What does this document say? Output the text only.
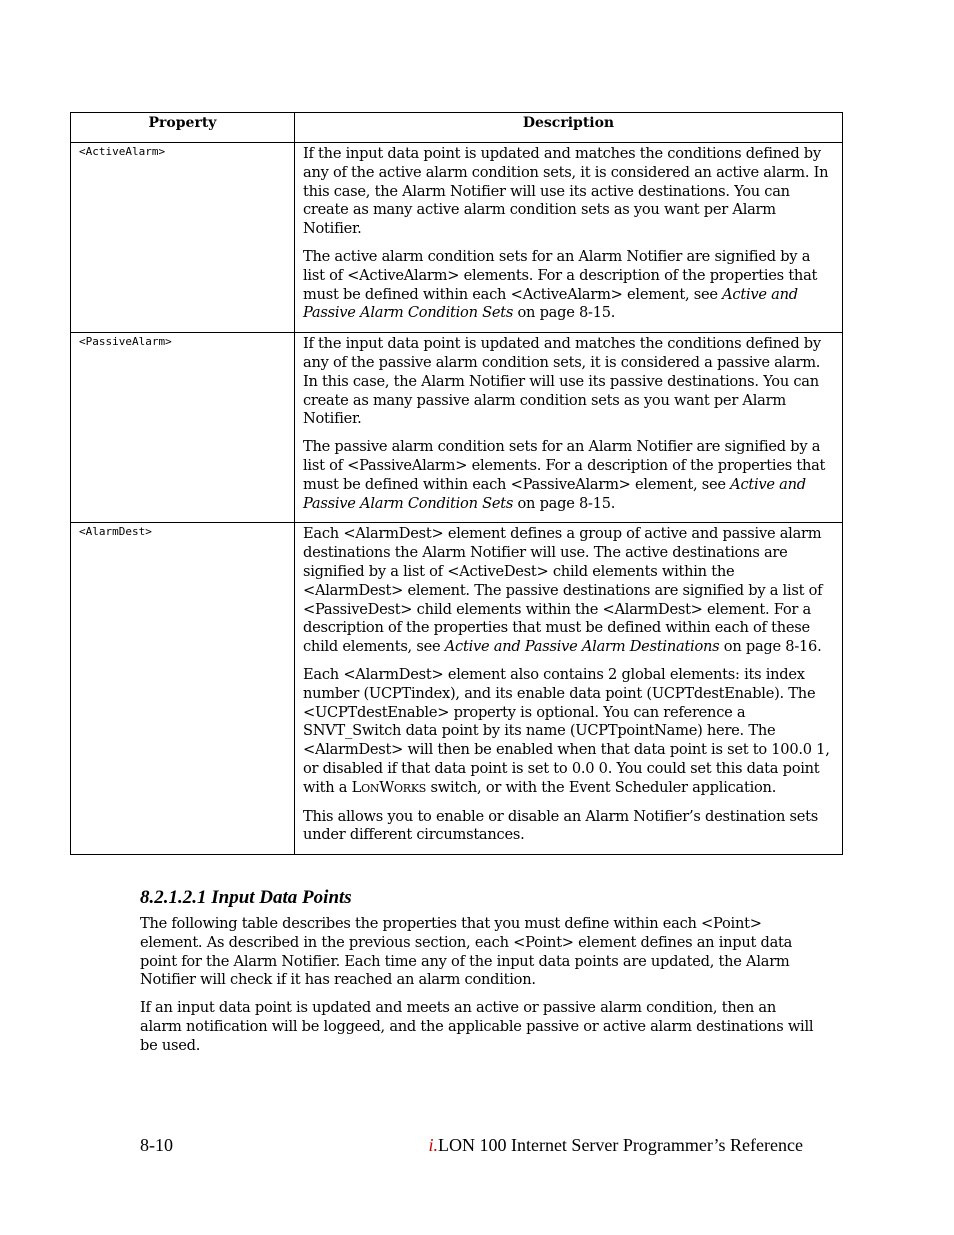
Property	Description
<ActiveAlarm>	If the input data point is updated and matches the conditions defined by any of the active alarm condition sets, it is considered an active alarm. In this case, the Alarm Notifier will use its active destinations. You can create as many active alarm condition sets as you want per Alarm Notifier.

The active alarm condition sets for an Alarm Notifier are signified by a list of <ActiveAlarm> elements. For a description of the properties that must be defined within each <ActiveAlarm> element, see Active and Passive Alarm Condition Sets on page 8-15.

<PassiveAlarm>	If the input data point is updated and matches the conditions defined by any of the passive alarm condition sets, it is considered a passive alarm. In this case, the Alarm Notifier will use its passive destinations. You can create as many passive alarm condition sets as you want per Alarm Notifier.

The passive alarm condition sets for an Alarm Notifier are signified by a list of <PassiveAlarm> elements. For a description of the properties that must be defined within each <PassiveAlarm> element, see Active and Passive Alarm Condition Sets on page 8-15.

<AlarmDest>	Each <AlarmDest> element defines a group of active and passive alarm destinations the Alarm Notifier will use. The active destinations are signified by a list of <ActiveDest> child elements within the <AlarmDest> element. The passive destinations are signified by a list of <PassiveDest> child elements within the <AlarmDest> element. For a description of the properties that must be defined within each of these child elements, see Active and Passive Alarm Destinations on page 8-16.

Each <AlarmDest> element also contains 2 global elements: its index number (UCPTindex), and its enable data point (UCPTdestEnable). The <UCPTdestEnable> property is optional. You can reference a SNVT_Switch data point by its name (UCPTpointName) here. The <AlarmDest> will then be enabled when that data point is set to 100.0 1, or disabled if that data point is set to 0.0 0. You could set this data point with a LONWORKS switch, or with the Event Scheduler application.

This allows you to enable or disable an Alarm Notifier’s destination sets under different circumstances.

8.2.1.2.1 Input Data Points

The following table describes the properties that you must define within each <Point> element. As described in the previous section, each <Point> element defines an input data point for the Alarm Notifier. Each time any of the input data points are updated, the Alarm Notifier will check if it has reached an alarm condition.

If an input data point is updated and meets an active or passive alarm condition, then an alarm notification will be loggeed, and the applicable passive or active alarm destinations will be used.

8-10	i.LON 100 Internet Server Programmer’s Reference
